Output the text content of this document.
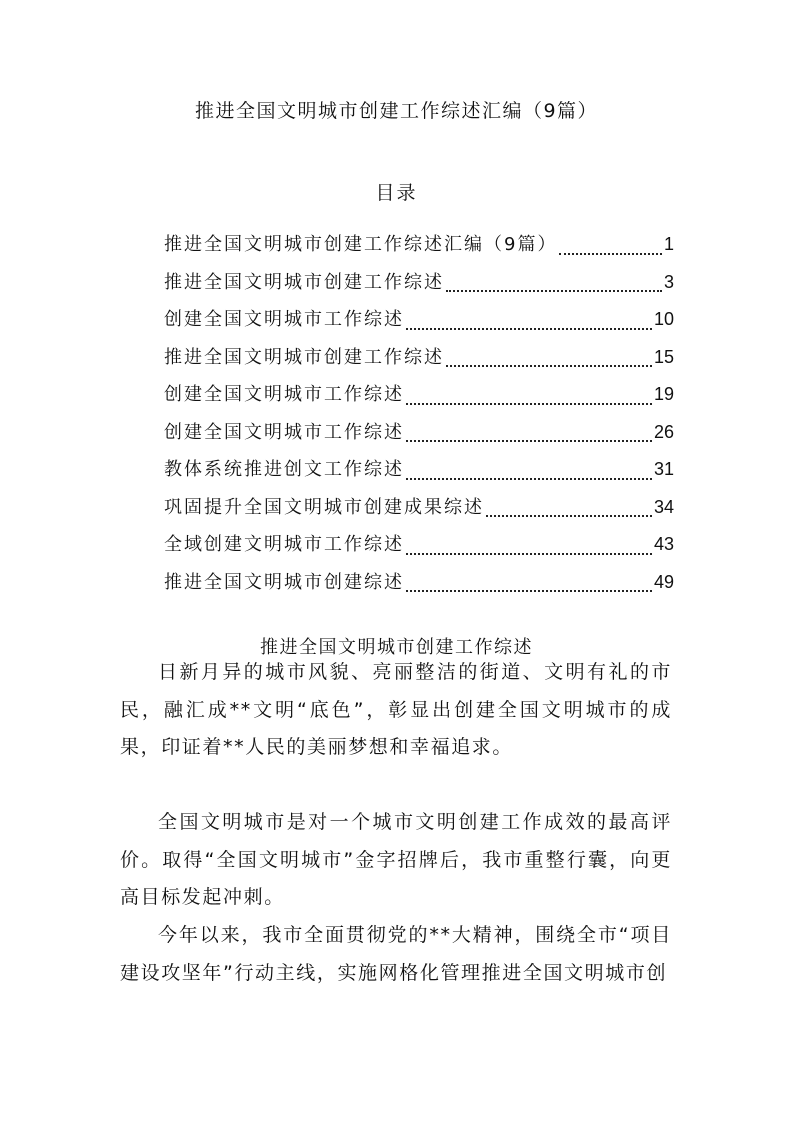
推进全国文明城市创建工作综述汇编（9篇）
目录
推进全国文明城市创建工作综述汇编（9篇）	1
推进全国文明城市创建工作综述	3
创建全国文明城市工作综述	10
推进全国文明城市创建工作综述	15
创建全国文明城市工作综述	19
创建全国文明城市工作综述	26
教体系统推进创文工作综述	31
巩固提升全国文明城市创建成果综述	34
全域创建文明城市工作综述	43
推进全国文明城市创建综述	49
推进全国文明城市创建工作综述
日新月异的城市风貌、亮丽整洁的街道、文明有礼的市民，融汇成**文明“底色”，彰显出创建全国文明城市的成果，印证着**人民的美丽梦想和幸福追求。
全国文明城市是对一个城市文明创建工作成效的最高评价。取得“全国文明城市”金字招牌后，我市重整行囊，向更高目标发起冲刺。
今年以来，我市全面贯彻党的**大精神，围绕全市“项目建设攻坚年”行动主线，实施网格化管理推进全国文明城市创
